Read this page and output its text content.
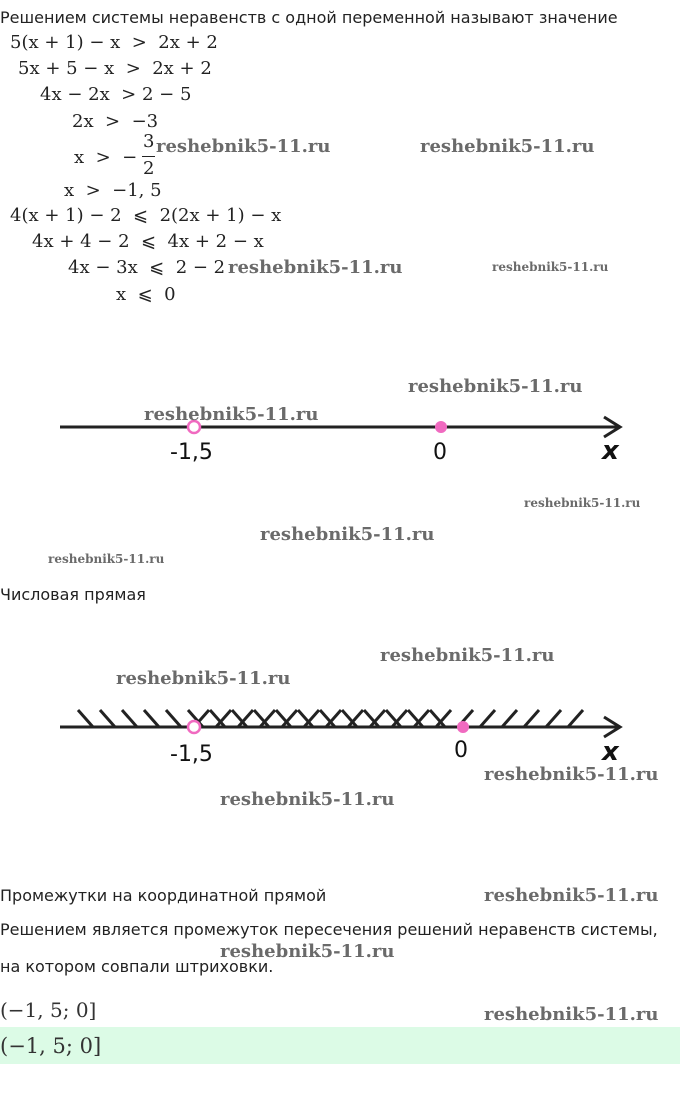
Решением системы неравенств с одной переменной называют значение
5(x + 1) − x  >  2x + 2
5x + 5 − x  >  2x + 2
4x − 2x  > 2 − 5
2x  >  −3
x  >  −
3
2
x  >  −1, 5
4(x + 1) − 2  ⩽  2(2x + 1) − x
4x + 4 − 2  ⩽  4x + 2 − x
4x − 3x  ⩽  2 − 2
x  ⩽  0
-1,5	0	x
Числовая прямая
-1,5	0	x
Промежутки на координатной прямой
Решением является промежуток пересечения решений неравенств системы,
на котором совпали штриховки.
(−1, 5; 0]
(−1, 5; 0]
reshebnik5-11.ru	reshebnik5-11.ru
reshebnik5-11.ru	reshebnik5-11.ru
reshebnik5-11.ru
reshebnik5-11.ru
reshebnik5-11.ru
reshebnik5-11.ru
reshebnik5-11.ru
reshebnik5-11.ru
reshebnik5-11.ru
reshebnik5-11.ru
reshebnik5-11.ru
reshebnik5-11.ru
reshebnik5-11.ru
reshebnik5-11.ru
